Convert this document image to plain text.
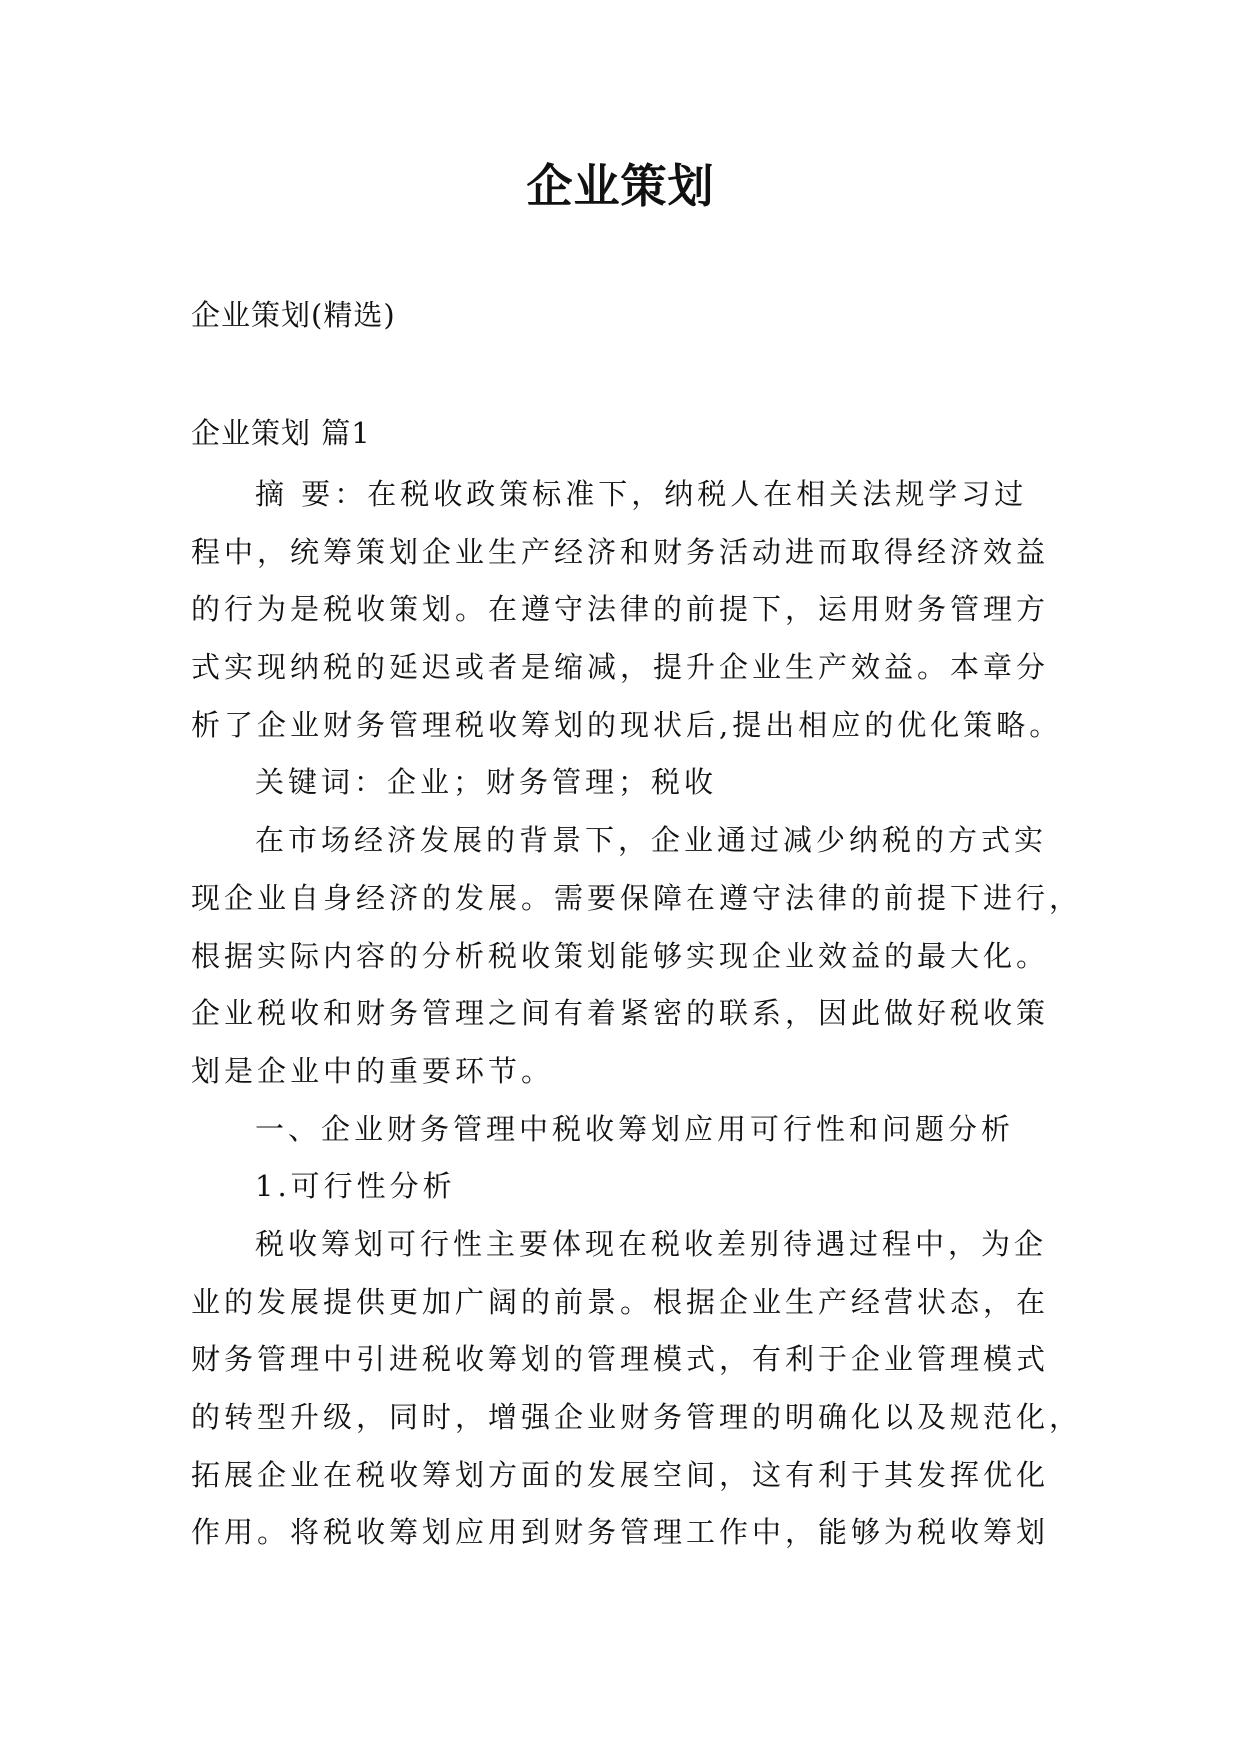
企业策划

企业策划(精选)

企业策划 篇1

摘 要：在税收政策标准下，纳税人在相关法规学习过

程中，统筹策划企业生产经济和财务活动进而取得经济效益

的行为是税收策划。在遵守法律的前提下，运用财务管理方

式实现纳税的延迟或者是缩减，提升企业生产效益。本章分

析了企业财务管理税收筹划的现状后,提出相应的优化策略。

关键词：企业；财务管理；税收

在市场经济发展的背景下，企业通过减少纳税的方式实

现企业自身经济的发展。需要保障在遵守法律的前提下进行，

根据实际内容的分析税收策划能够实现企业效益的最大化。

企业税收和财务管理之间有着紧密的联系，因此做好税收策

划是企业中的重要环节。

一、企业财务管理中税收筹划应用可行性和问题分析

1.可行性分析

税收筹划可行性主要体现在税收差别待遇过程中，为企

业的发展提供更加广阔的前景。根据企业生产经营状态，在

财务管理中引进税收筹划的管理模式，有利于企业管理模式

的转型升级，同时，增强企业财务管理的明确化以及规范化，

拓展企业在税收筹划方面的发展空间，这有利于其发挥优化

作用。将税收筹划应用到财务管理工作中，能够为税收筹划
